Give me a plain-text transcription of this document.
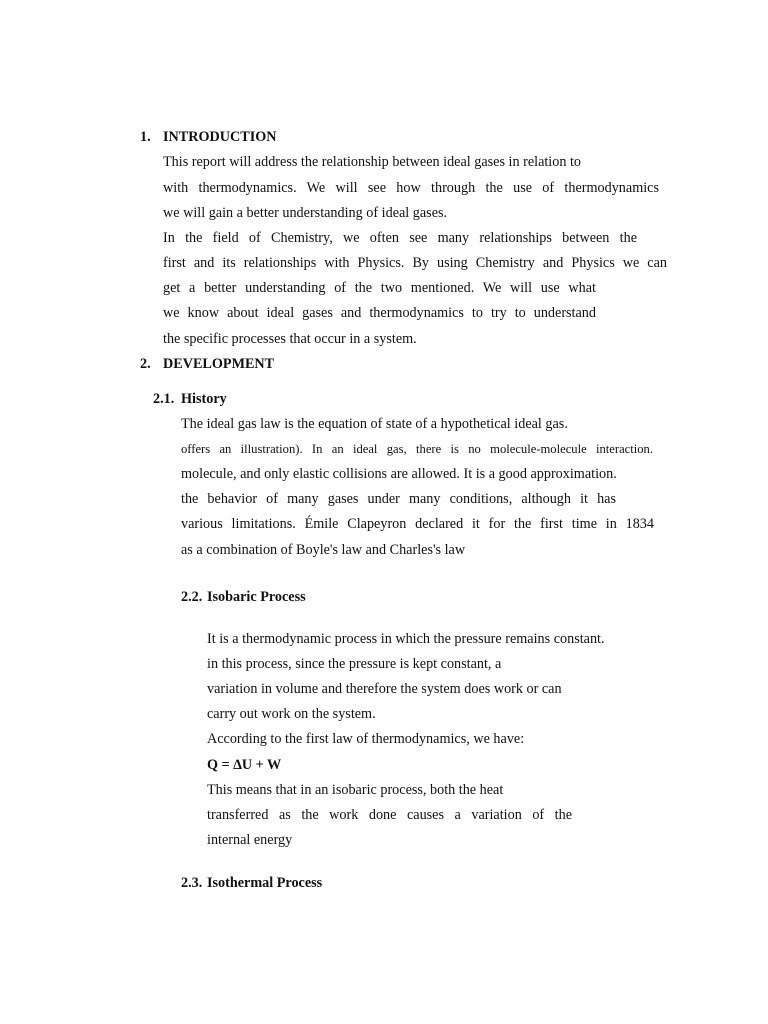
1. INTRODUCTION
This report will address the relationship between ideal gases in relation to
with thermodynamics. We will see how through the use of thermodynamics
we will gain a better understanding of ideal gases.
In the field of Chemistry, we often see many relationships between the
first and its relationships with Physics. By using Chemistry and Physics we can
get a better understanding of the two mentioned. We will use what
we know about ideal gases and thermodynamics to try to understand
the specific processes that occur in a system.
2. DEVELOPMENT
2.1. History
The ideal gas law is the equation of state of a hypothetical ideal gas.
offers an illustration). In an ideal gas, there is no molecule-molecule interaction.
molecule, and only elastic collisions are allowed. It is a good approximation.
the behavior of many gases under many conditions, although it has
various limitations. Émile Clapeyron declared it for the first time in 1834
as a combination of Boyle's law and Charles's law
2.2. Isobaric Process
It is a thermodynamic process in which the pressure remains constant.
in this process, since the pressure is kept constant, a
variation in volume and therefore the system does work or can
carry out work on the system.
According to the first law of thermodynamics, we have:
Q = ∆U + W
This means that in an isobaric process, both the heat
transferred as the work done causes a variation of the
internal energy
2.3. Isothermal Process
